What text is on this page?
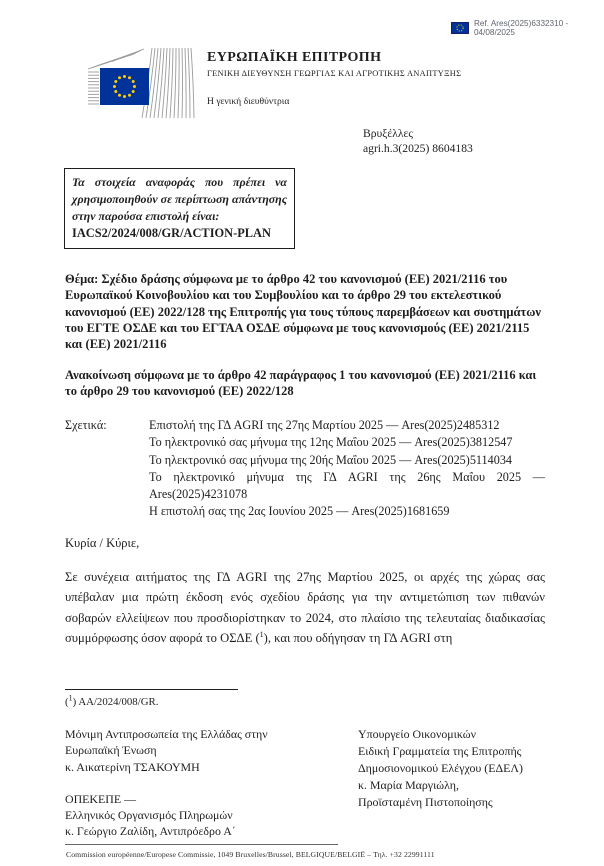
Ref. Ares(2025)6332310 - 04/08/2025
ΕΥΡΩΠΑΪΚΗ ΕΠΙΤΡΟΠΗ
ΓΕΝΙΚΗ ΔΙΕΥΘΥΝΣΗ ΓΕΩΡΓΙΑΣ ΚΑΙ ΑΓΡΟΤΙΚΗΣ ΑΝΑΠΤΥΞΗΣ
Η γενική διευθύντρια
Βρυξέλλες
agri.h.3(2025) 8604183
Τα στοιχεία αναφοράς που πρέπει να χρησιμοποιηθούν σε περίπτωση απάντησης στην παρούσα επιστολή είναι:
IACS2/2024/008/GR/ACTION-PLAN
Θέμα: Σχέδιο δράσης σύμφωνα με το άρθρο 42 του κανονισμού (ΕΕ) 2021/2116 του Ευρωπαϊκού Κοινοβουλίου και του Συμβουλίου και το άρθρο 29 του εκτελεστικού κανονισμού (ΕΕ) 2022/128 της Επιτροπής για τους τύπους παρεμβάσεων και συστημάτων του ΕΓΤΕ ΟΣΔΕ και του ΕΓΤΑΑ ΟΣΔΕ σύμφωνα με τους κανονισμούς (ΕΕ) 2021/2115 και (ΕΕ) 2021/2116
Ανακοίνωση σύμφωνα με το άρθρο 42 παράγραφος 1 του κανονισμού (ΕΕ) 2021/2116 και το άρθρο 29 του κανονισμού (ΕΕ) 2022/128
Σχετικά:	Επιστολή της ΓΔ AGRI της 27ης Μαρτίου 2025 — Ares(2025)2485312
Το ηλεκτρονικό σας μήνυμα της 12ης Μαΐου 2025 — Ares(2025)3812547
Το ηλεκτρονικό σας μήνυμα της 20ής Μαΐου 2025 — Ares(2025)5114034
Το ηλεκτρονικό μήνυμα της ΓΔ AGRI της 26ης Μαΐου 2025 — Ares(2025)4231078
Η επιστολή σας της 2ας Ιουνίου 2025 — Ares(2025)1681659
Κυρία / Κύριε,
Σε συνέχεια αιτήματος της ΓΔ AGRI της 27ης Μαρτίου 2025, οι αρχές της χώρας σας υπέβαλαν μια πρώτη έκδοση ενός σχεδίου δράσης για την αντιμετώπιση των πιθανών σοβαρών ελλείψεων που προσδιορίστηκαν το 2024, στο πλαίσιο της τελευταίας διαδικασίας συμμόρφωσης όσον αφορά το ΟΣΔΕ ($^1$), και που οδήγησαν τη ΓΔ AGRI στη
($^1$) AA/2024/008/GR.
Μόνιμη Αντιπροσωπεία της Ελλάδας στην
Ευρωπαϊκή Ένωση
κ. Αικατερίνη ΤΣΑΚΟΥΜΗ
ΟΠΕΚΕΠΕ —
Ελληνικός Οργανισμός Πληρωμών
κ. Γεώργιο Ζαλίδη, Αντιπρόεδρο Α΄
Υπουργείο Οικονομικών
Ειδική Γραμματεία της Επιτροπής
Δημοσιονομικού Ελέγχου (ΕΔΕΛ)
κ. Μαρία Μαργιώλη,
Προϊσταμένη Πιστοποίησης
Commission européenne/Europese Commissie, 1049 Bruxelles/Brussel, BELGIQUE/BELGIË – Τηλ. +32 22991111
